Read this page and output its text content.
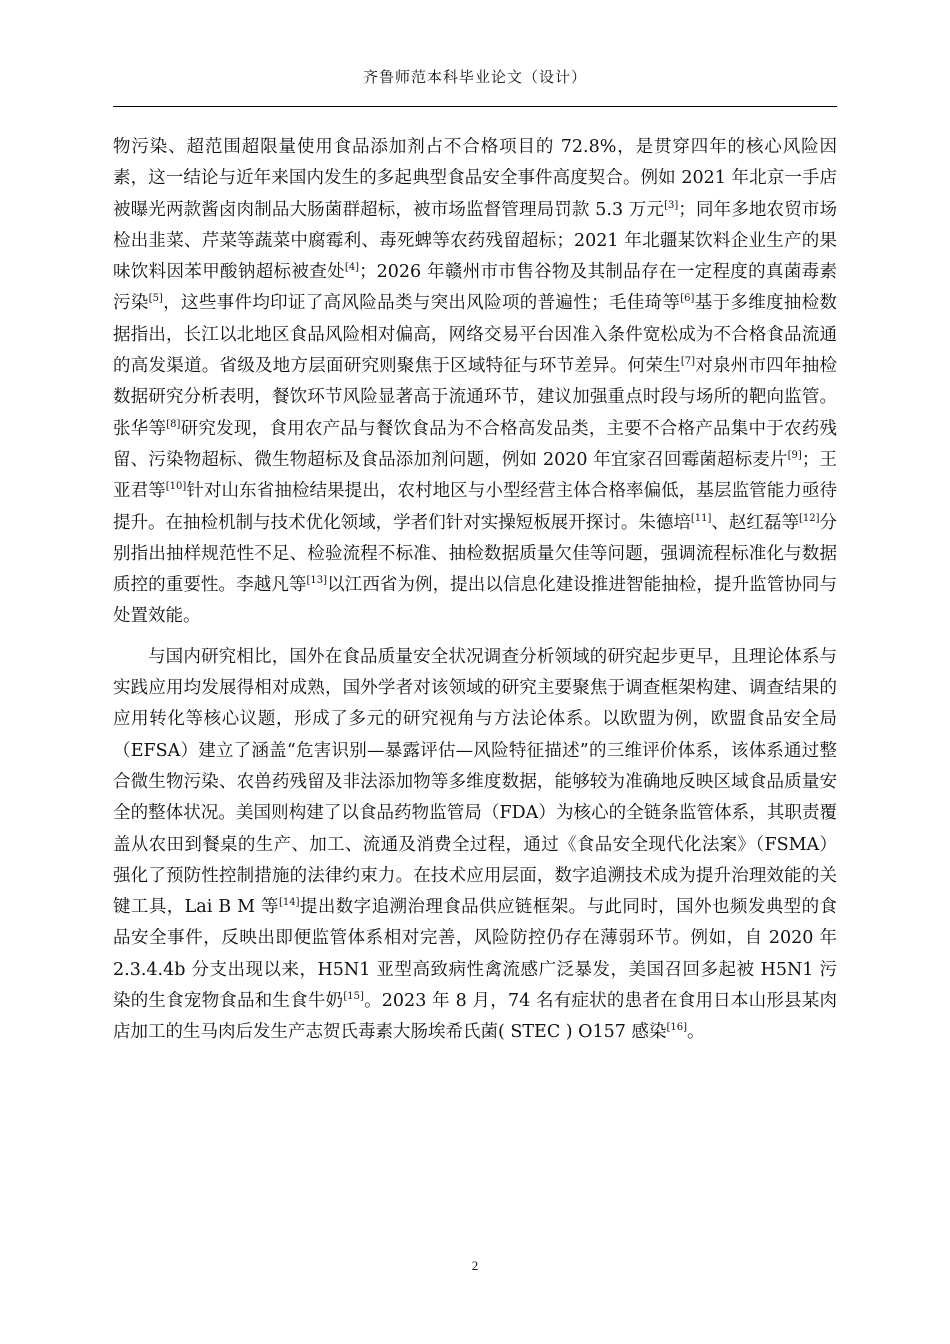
齐鲁师范本科毕业论文（设计）

物污染、超范围超限量使用食品添加剂占不合格项目的 72.8%，是贯穿四年的核心风险因素，这一结论与近年来国内发生的多起典型食品安全事件高度契合。例如 2021 年北京一手店被曝光两款酱卤肉制品大肠菌群超标，被市场监督管理局罚款 5.3 万元[3]；同年多地农贸市场检出韭菜、芹菜等蔬菜中腐霉利、毒死蜱等农药残留超标；2021 年北疆某饮料企业生产的果味饮料因苯甲酸钠超标被查处[4]；2026 年赣州市市售谷物及其制品存在一定程度的真菌毒素污染[5]，这些事件均印证了高风险品类与突出风险项的普遍性；毛佳琦等[6]基于多维度抽检数据指出，长江以北地区食品风险相对偏高，网络交易平台因准入条件宽松成为不合格食品流通的高发渠道。省级及地方层面研究则聚焦于区域特征与环节差异。何荣生[7]对泉州市四年抽检数据研究分析表明，餐饮环节风险显著高于流通环节，建议加强重点时段与场所的靶向监管。张华等[8]研究发现，食用农产品与餐饮食品为不合格高发品类，主要不合格产品集中于农药残留、污染物超标、微生物超标及食品添加剂问题，例如 2020 年宜家召回霉菌超标麦片[9]；王亚君等[10]针对山东省抽检结果提出，农村地区与小型经营主体合格率偏低，基层监管能力亟待提升。在抽检机制与技术优化领域，学者们针对实操短板展开探讨。朱德培[11]、赵红磊等[12]分别指出抽样规范性不足、检验流程不标准、抽检数据质量欠佳等问题，强调流程标准化与数据质控的重要性。李越凡等[13]以江西省为例，提出以信息化建设推进智能抽检，提升监管协同与处置效能。

与国内研究相比，国外在食品质量安全状况调查分析领域的研究起步更早，且理论体系与实践应用均发展得相对成熟，国外学者对该领域的研究主要聚焦于调查框架构建、调查结果的应用转化等核心议题，形成了多元的研究视角与方法论体系。以欧盟为例，欧盟食品安全局（EFSA）建立了涵盖“危害识别—暴露评估—风险特征描述”的三维评价体系，该体系通过整合微生物污染、农兽药残留及非法添加物等多维度数据，能够较为准确地反映区域食品质量安全的整体状况。美国则构建了以食品药物监管局（FDA）为核心的全链条监管体系，其职责覆盖从农田到餐桌的生产、加工、流通及消费全过程，通过《食品安全现代化法案》（FSMA）强化了预防性控制措施的法律约束力。在技术应用层面，数字追溯技术成为提升治理效能的关键工具，Lai B M 等[14]提出数字追溯治理食品供应链框架。与此同时，国外也频发典型的食品安全事件，反映出即便监管体系相对完善，风险防控仍存在薄弱环节。例如，自 2020 年 2.3.4.4b 分支出现以来，H5N1 亚型高致病性禽流感广泛暴发，美国召回多起被 H5N1 污染的生食宠物食品和生食牛奶[15]。2023 年 8 月，74 名有症状的患者在食用日本山形县某肉店加工的生马肉后发生产志贺氏毒素大肠埃希氏菌( STEC ) O157 感染[16]。

2
